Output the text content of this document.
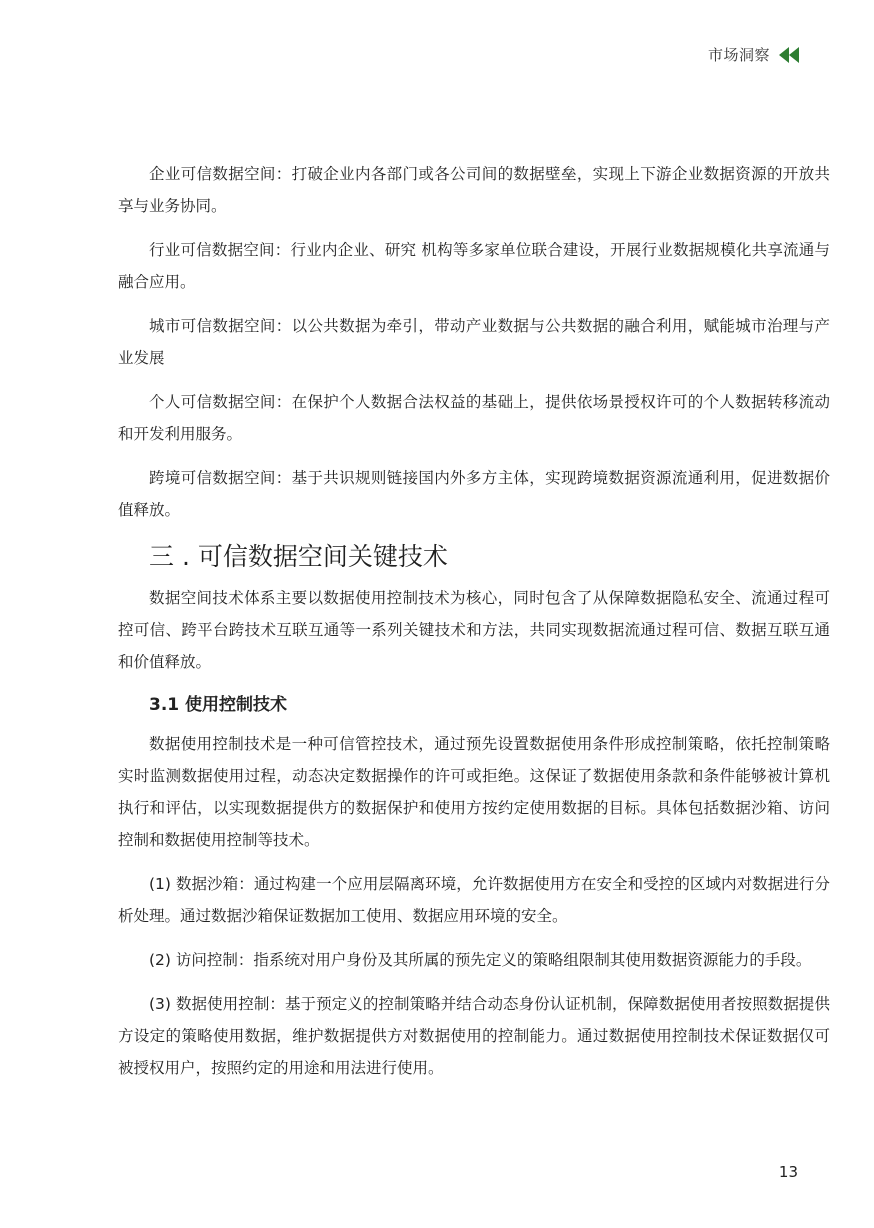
市场洞察

企业可信数据空间：打破企业内各部门或各公司间的数据壁垒，实现上下游企业数据资源的开放共享与业务协同。

行业可信数据空间：行业内企业、研究 机构等多家单位联合建设，开展行业数据规模化共享流通与融合应用。

城市可信数据空间：以公共数据为牵引，带动产业数据与公共数据的融合利用，赋能城市治理与产业发展

个人可信数据空间：在保护个人数据合法权益的基础上，提供依场景授权许可的个人数据转移流动和开发利用服务。

跨境可信数据空间：基于共识规则链接国内外多方主体，实现跨境数据资源流通利用，促进数据价值释放。

三 . 可信数据空间关键技术

数据空间技术体系主要以数据使用控制技术为核心，同时包含了从保障数据隐私安全、流通过程可控可信、跨平台跨技术互联互通等一系列关键技术和方法，共同实现数据流通过程可信、数据互联互通和价值释放。

3.1 使用控制技术

数据使用控制技术是一种可信管控技术，通过预先设置数据使用条件形成控制策略，依托控制策略实时监测数据使用过程，动态决定数据操作的许可或拒绝。这保证了数据使用条款和条件能够被计算机执行和评估，以实现数据提供方的数据保护和使用方按约定使用数据的目标。具体包括数据沙箱、访问控制和数据使用控制等技术。

(1) 数据沙箱：通过构建一个应用层隔离环境，允许数据使用方在安全和受控的区域内对数据进行分析处理。通过数据沙箱保证数据加工使用、数据应用环境的安全。

(2) 访问控制：指系统对用户身份及其所属的预先定义的策略组限制其使用数据资源能力的手段。

(3) 数据使用控制：基于预定义的控制策略并结合动态身份认证机制，保障数据使用者按照数据提供方设定的策略使用数据，维护数据提供方对数据使用的控制能力。通过数据使用控制技术保证数据仅可被授权用户，按照约定的用途和用法进行使用。

13
